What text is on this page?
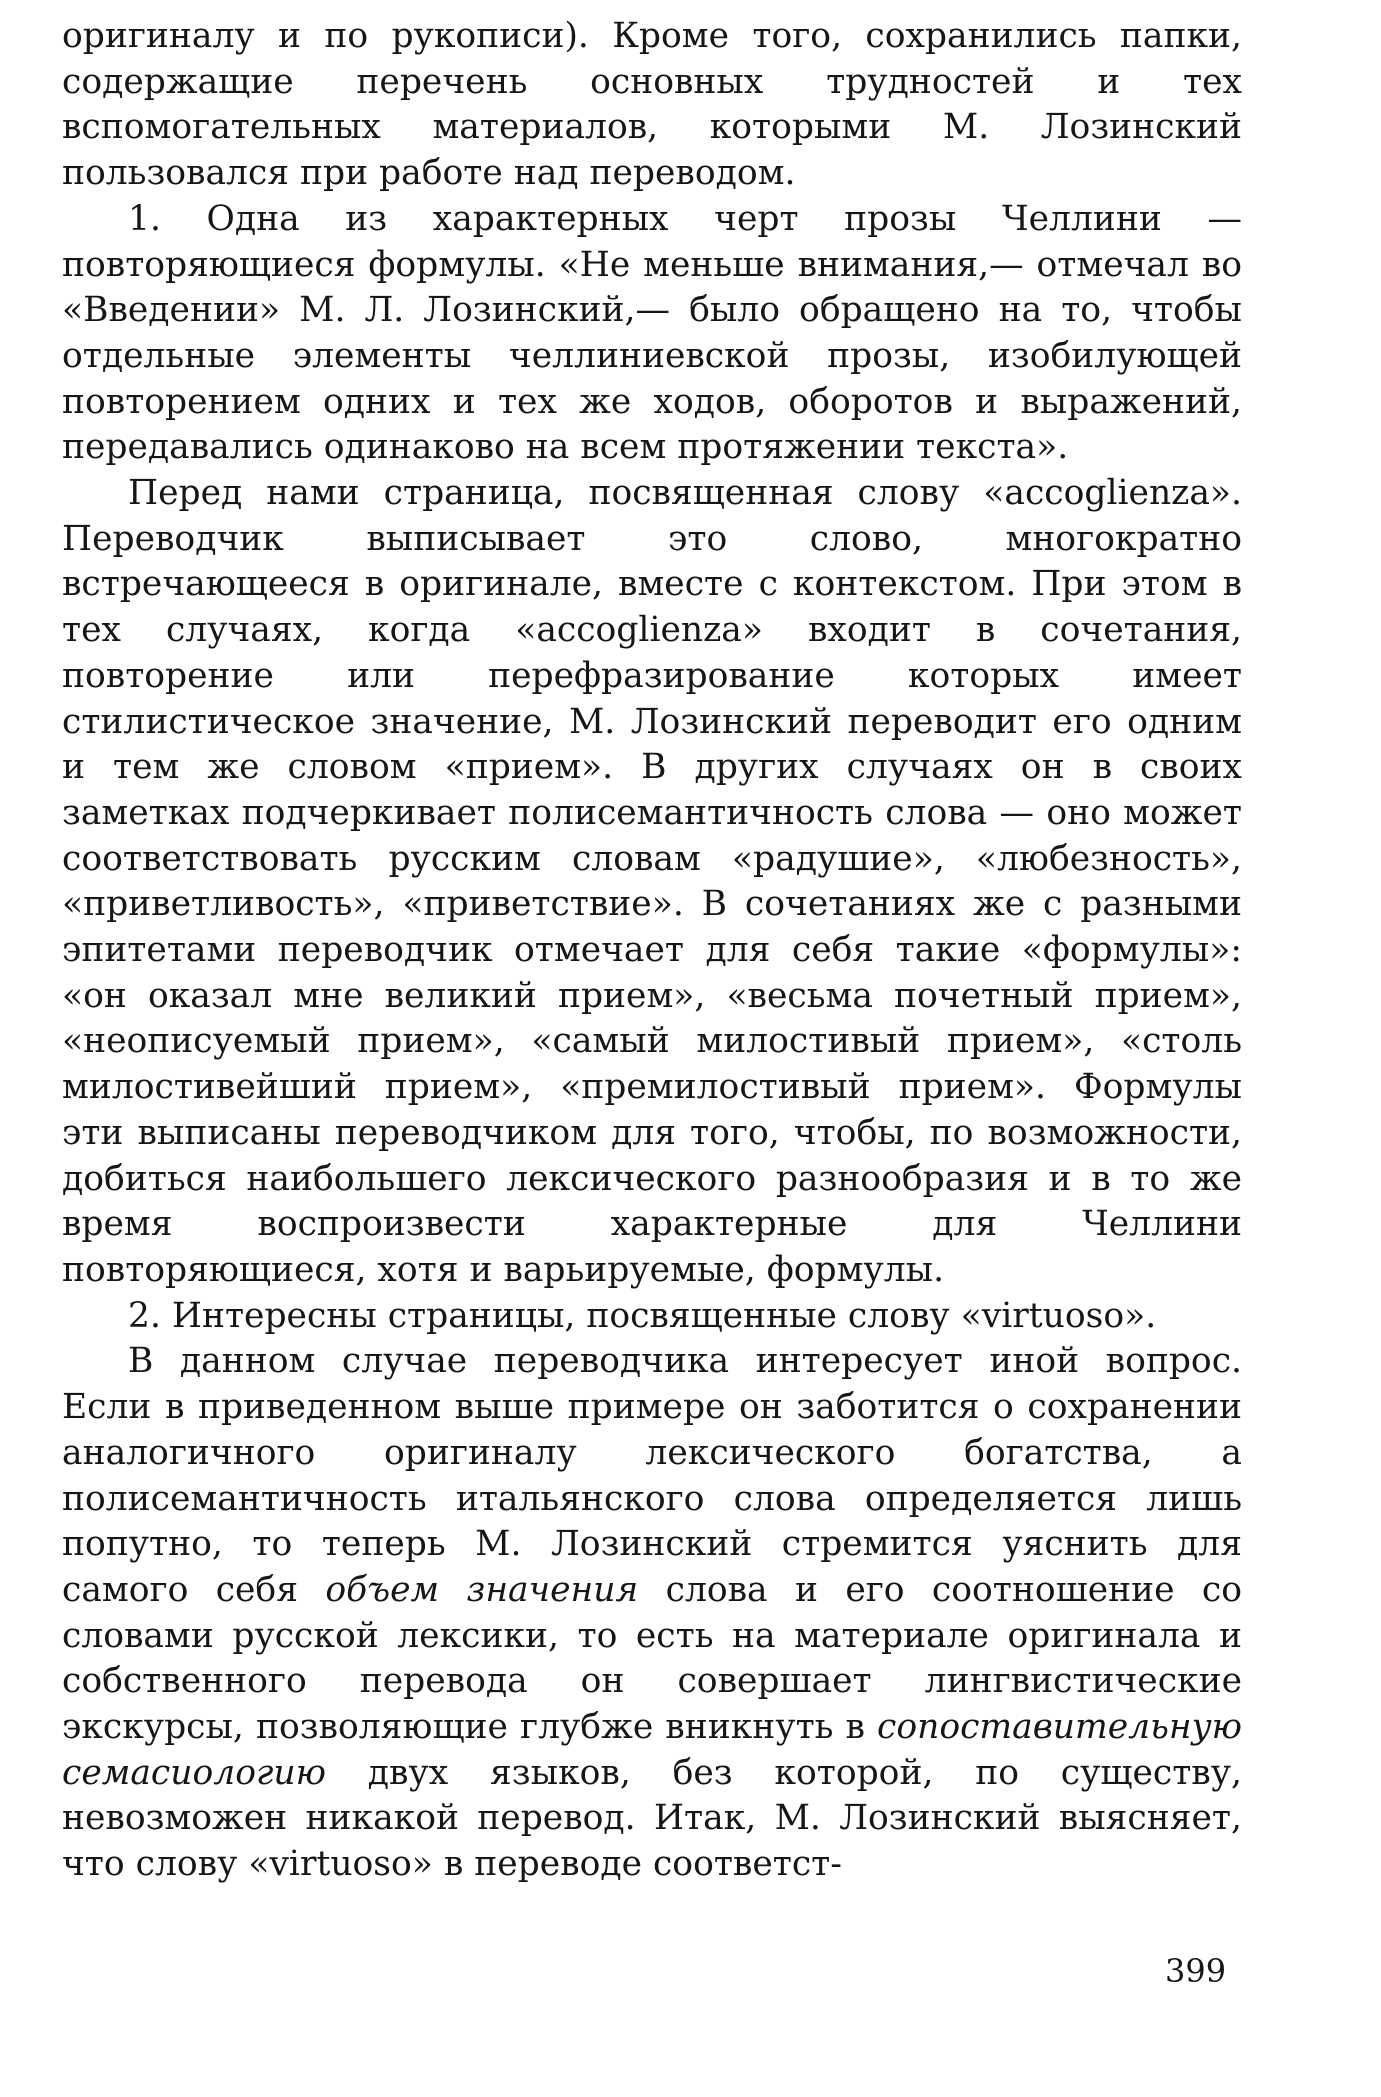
оригиналу и по рукописи). Кроме того, сохранились папки, содержащие перечень основных трудностей и тех вспомогательных материалов, которыми М. Лозинский пользовался при работе над переводом.

1. Одна из характерных черт прозы Челлини — повторяющиеся формулы. «Не меньше внимания,— отмечал во «Введении» М. Л. Лозинский,— было обращено на то, чтобы отдельные элементы челлиниевской прозы, изобилующей повторением одних и тех же ходов, оборотов и выражений, передавались одинаково на всем протяжении текста».

Перед нами страница, посвященная слову «accoglienza». Переводчик выписывает это слово, многократно встречающееся в оригинале, вместе с контекстом. При этом в тех случаях, когда «accoglienza» входит в сочетания, повторение или перефразирование которых имеет стилистическое значение, М. Лозинский переводит его одним и тем же словом «прием». В других случаях он в своих заметках подчеркивает полисемантичность слова — оно может соответствовать русским словам «радушие», «любезность», «приветливость», «приветствие». В сочетаниях же с разными эпитетами переводчик отмечает для себя такие «формулы»: «он оказал мне великий прием», «весьма почетный прием», «неописуемый прием», «самый милостивый прием», «столь милостивейший прием», «премилостивый прием». Формулы эти выписаны переводчиком для того, чтобы, по возможности, добиться наибольшего лексического разнообразия и в то же время воспроизвести характерные для Челлини повторяющиеся, хотя и варьируемые, формулы.

2. Интересны страницы, посвященные слову «virtuoso».

В данном случае переводчика интересует иной вопрос. Если в приведенном выше примере он заботится о сохранении аналогичного оригиналу лексического богатства, а полисемантичность итальянского слова определяется лишь попутно, то теперь М. Лозинский стремится уяснить для самого себя объем значения слова и его соотношение со словами русской лексики, то есть на материале оригинала и собственного перевода он совершает лингвистические экскурсы, позволяющие глубже вникнуть в сопоставительную семасиологию двух языков, без которой, по существу, невозможен никакой перевод. Итак, М. Лозинский выясняет, что слову «virtuoso» в переводе соответст-

399
